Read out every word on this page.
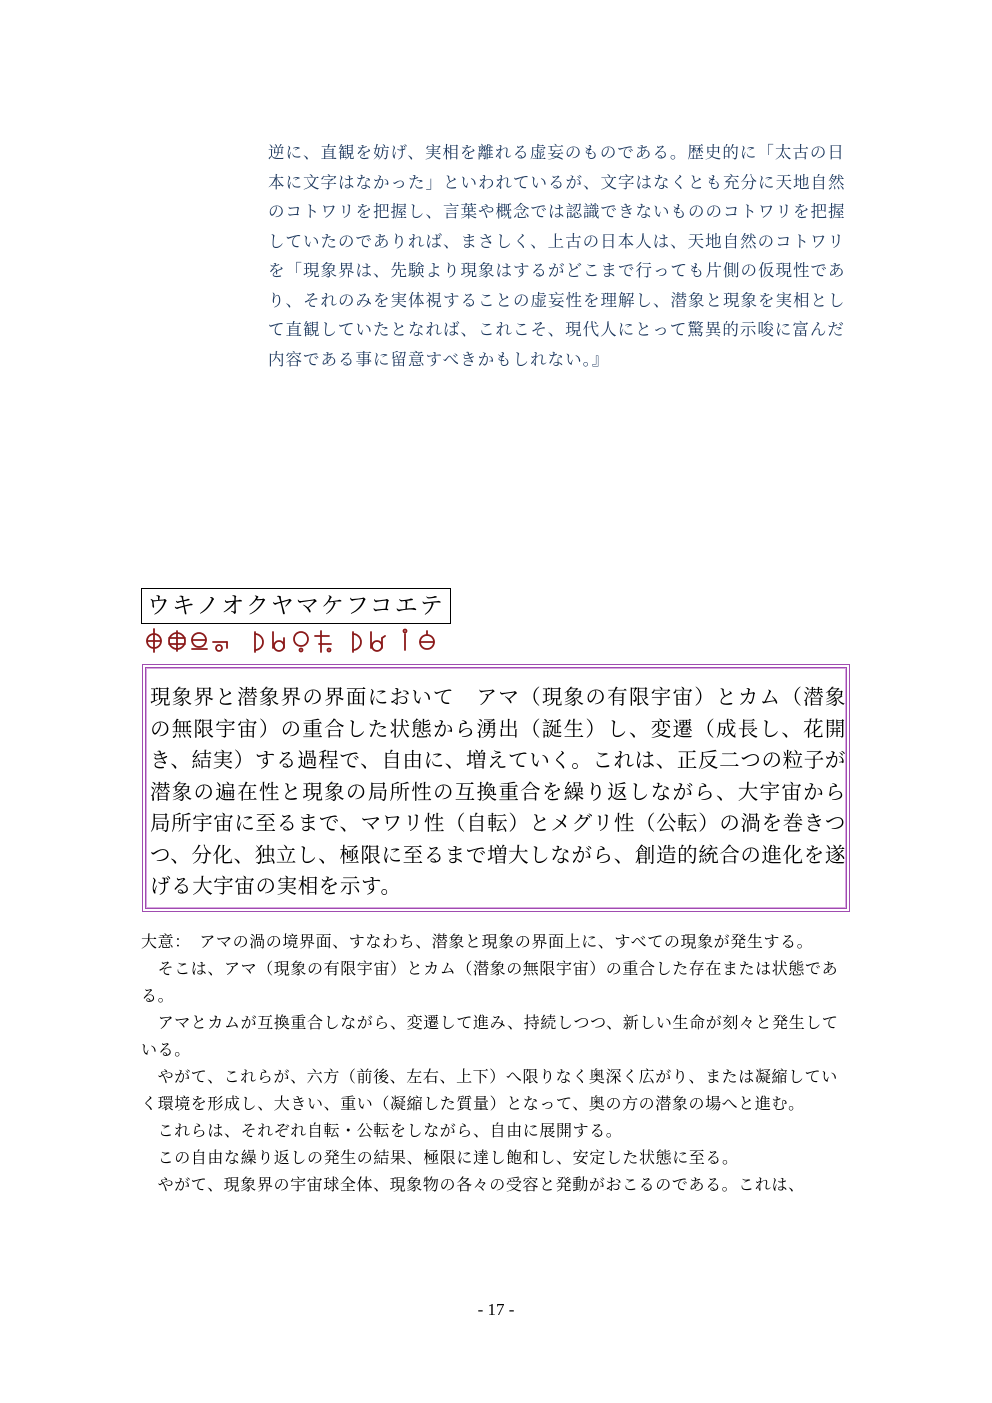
逆に、直観を妨げ、実相を離れる虚妄のものである。歴史的に「太古の日

本に文字はなかった」といわれているが、文字はなくとも充分に天地自然

のコトワリを把握し、言葉や概念では認識できないもののコトワリを把握

していたのでありれば、まさしく、上古の日本人は、天地自然のコトワリ

を「現象界は、先験より現象はするがどこまで行っても片側の仮現性であ

り、それのみを実体視することの虚妄性を理解し、潜象と現象を実相とし

て直観していたとなれば、これこそ、現代人にとって驚異的示唆に富んだ

内容である事に留意すべきかもしれない。』

ウキノオクヤマケフコエテ

現象界と潜象界の界面において　アマ（現象の有限宇宙）とカム（潜象の無限宇宙）の重合した状態から湧出（誕生）し、変遷（成長し、花開き、結実）する過程で、自由に、増えていく。これは、正反二つの粒子が潜象の遍在性と現象の局所性の互換重合を繰り返しながら、大宇宙から局所宇宙に至るまで、マワリ性（自転）とメグリ性（公転）の渦を巻きつつ、分化、独立し、極限に至るまで増大しながら、創造的統合の進化を遂げる大宇宙の実相を示す。

大意：　アマの渦の境界面、すなわち、潜象と現象の界面上に、すべての現象が発生する。

　そこは、アマ（現象の有限宇宙）とカム（潜象の無限宇宙）の重合した存在または状態である。

　アマとカムが互換重合しながら、変遷して進み、持続しつつ、新しい生命が刻々と発生している。

　やがて、これらが、六方（前後、左右、上下）へ限りなく奥深く広がり、または凝縮していく環境を形成し、大きい、重い（凝縮した質量）となって、奥の方の潜象の場へと進む。

　これらは、それぞれ自転・公転をしながら、自由に展開する。

　この自由な繰り返しの発生の結果、極限に達し飽和し、安定した状態に至る。

　やがて、現象界の宇宙球全体、現象物の各々の受容と発動がおこるのである。これは、

- 17 -
